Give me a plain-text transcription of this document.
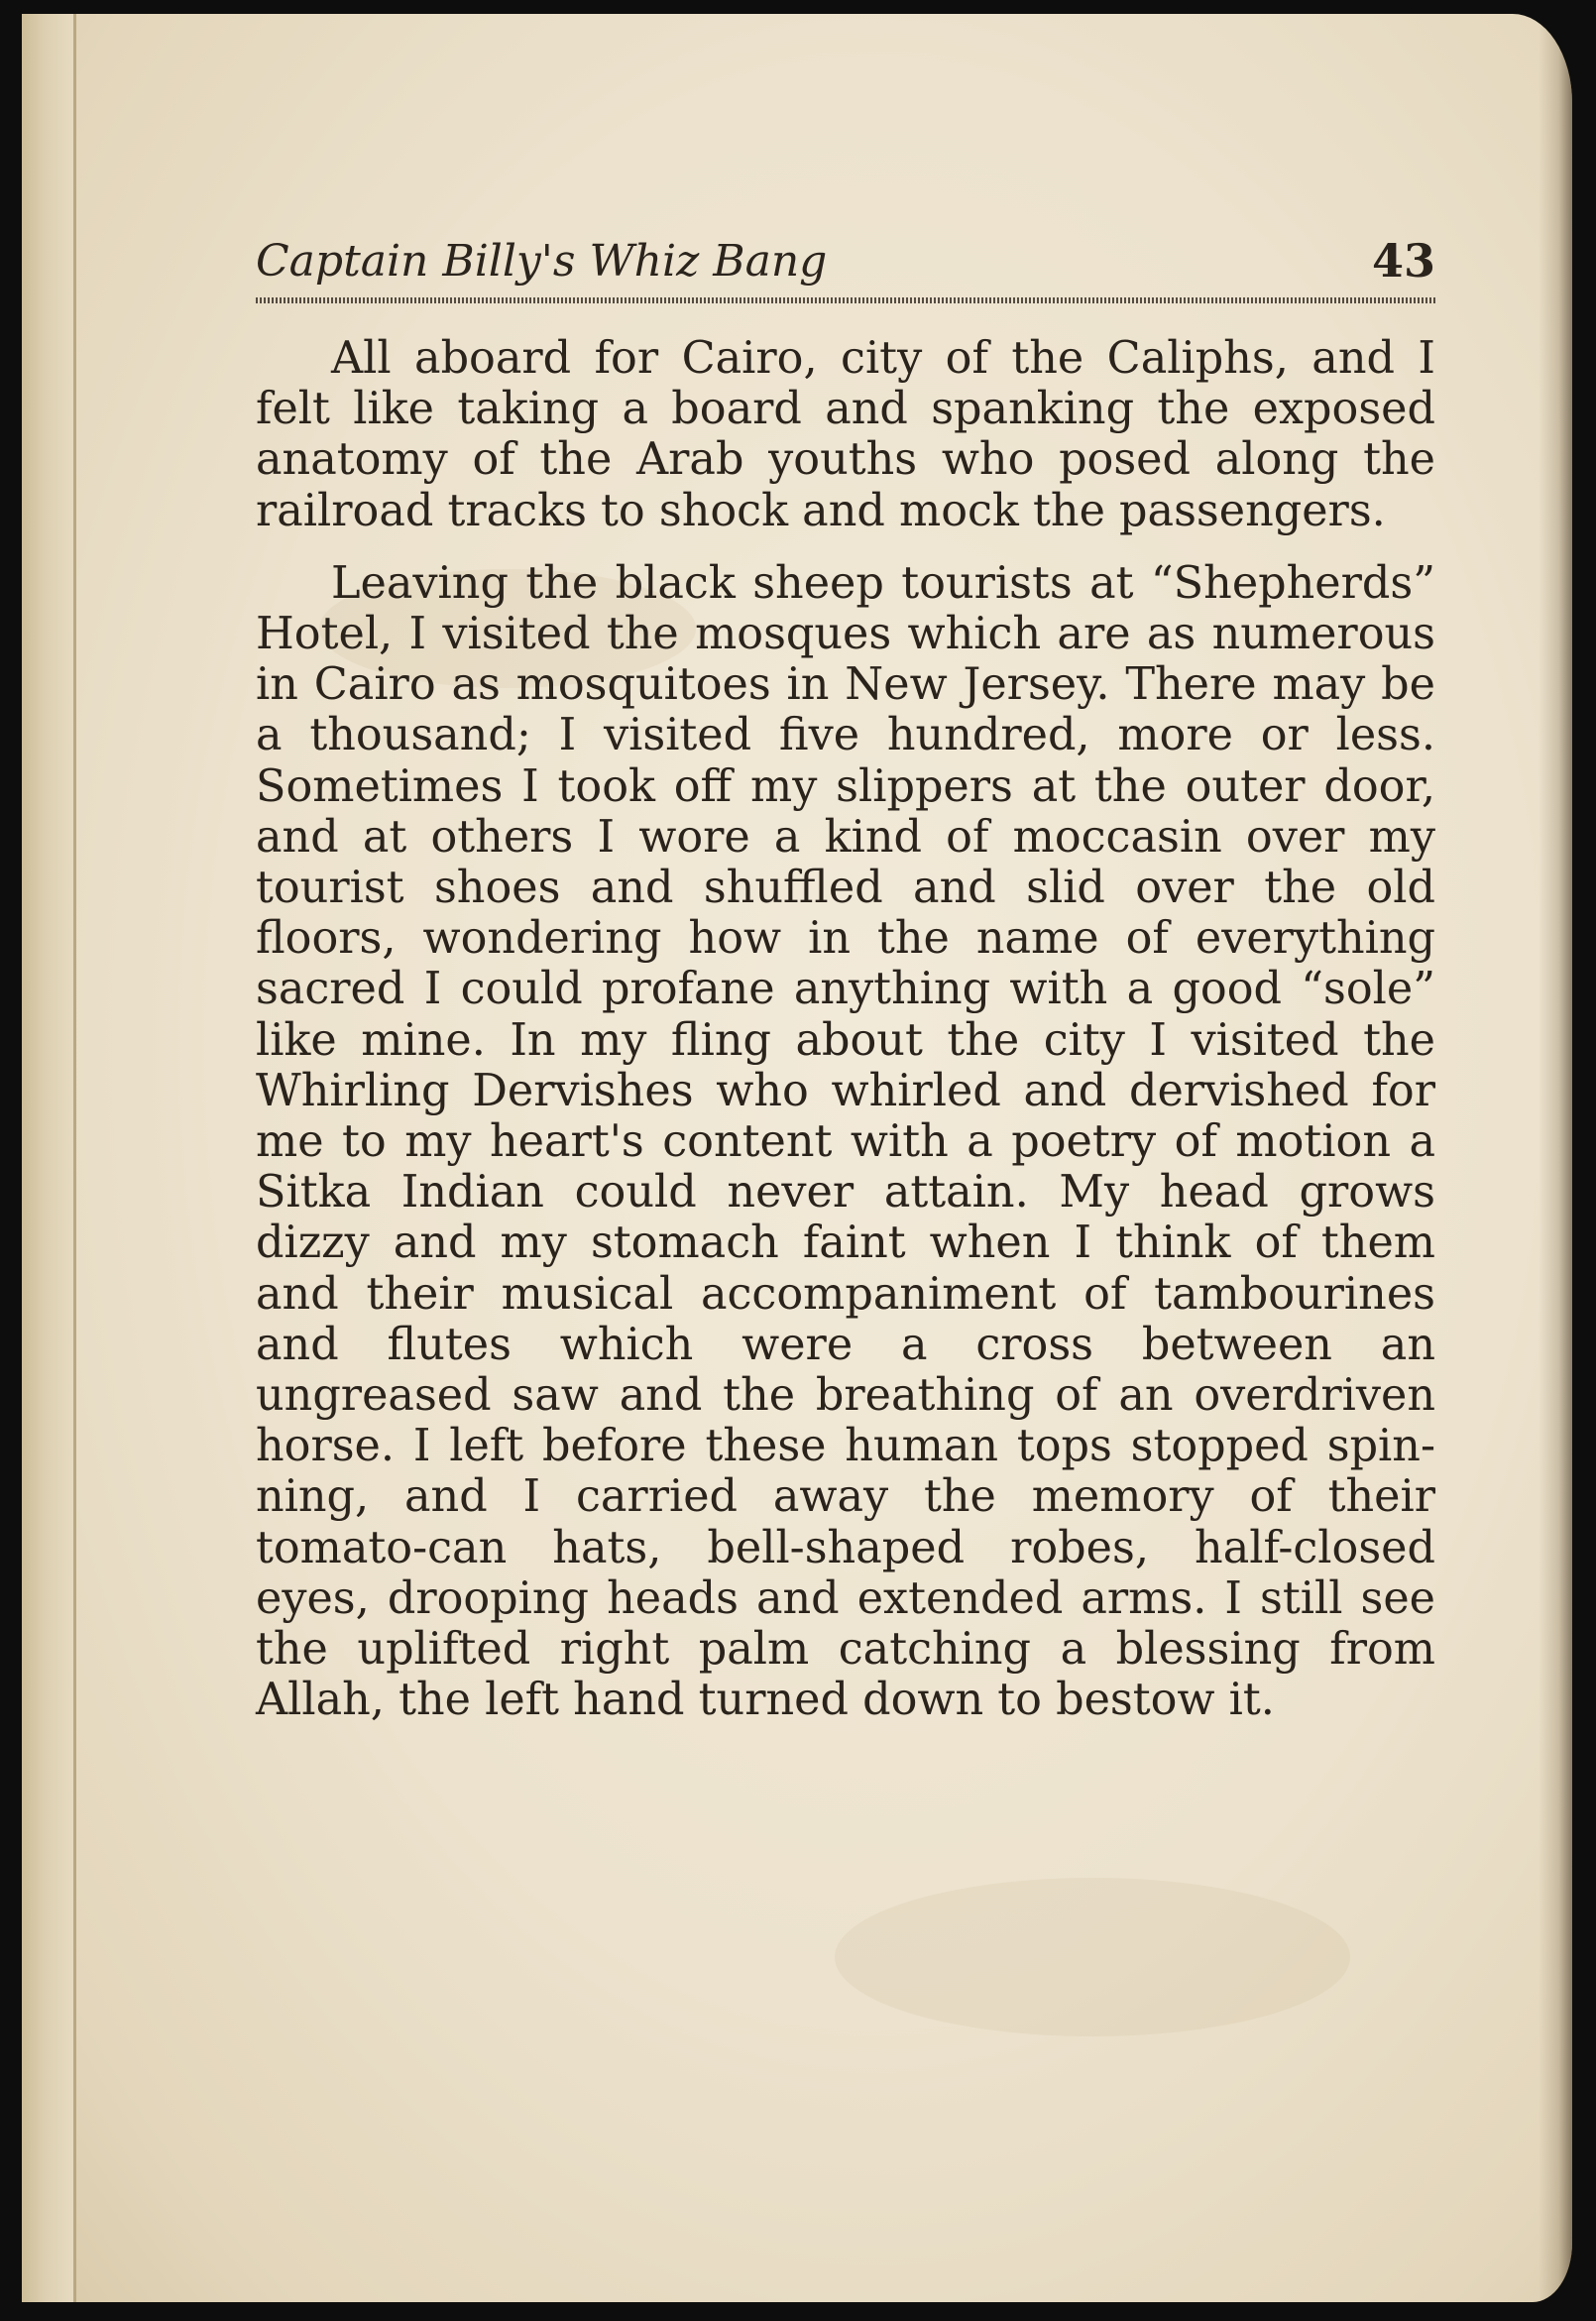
Captain Billy's Whiz Bang	43

All aboard for Cairo, city of the Caliphs, and I felt like taking a board and spanking the exposed anatomy of the Arab youths who posed along the railroad tracks to shock and mock the passengers.

Leaving the black sheep tourists at “Shepherds” Hotel, I visited the mosques which are as numerous in Cairo as mosquitoes in New Jersey. There may be a thousand; I visited five hundred, more or less. Sometimes I took off my slippers at the outer door, and at others I wore a kind of moccasin over my tourist shoes and shuffled and slid over the old floors, wondering how in the name of everything sacred I could profane anything with a good “sole” like mine. In my fling about the city I visited the Whirling Dervishes who whirled and dervished for me to my heart's content with a poetry of motion a Sitka Indian could never attain. My head grows dizzy and my stomach faint when I think of them and their musical accompaniment of tambourines and flutes which were a cross between an ungreased saw and the breathing of an overdriven horse. I left before these human tops stopped spinning, and I carried away the memory of their tomato-can hats, bell-shaped robes, half-closed eyes, drooping heads and extended arms. I still see the uplifted right palm catching a blessing from Allah, the left hand turned down to bestow it.
